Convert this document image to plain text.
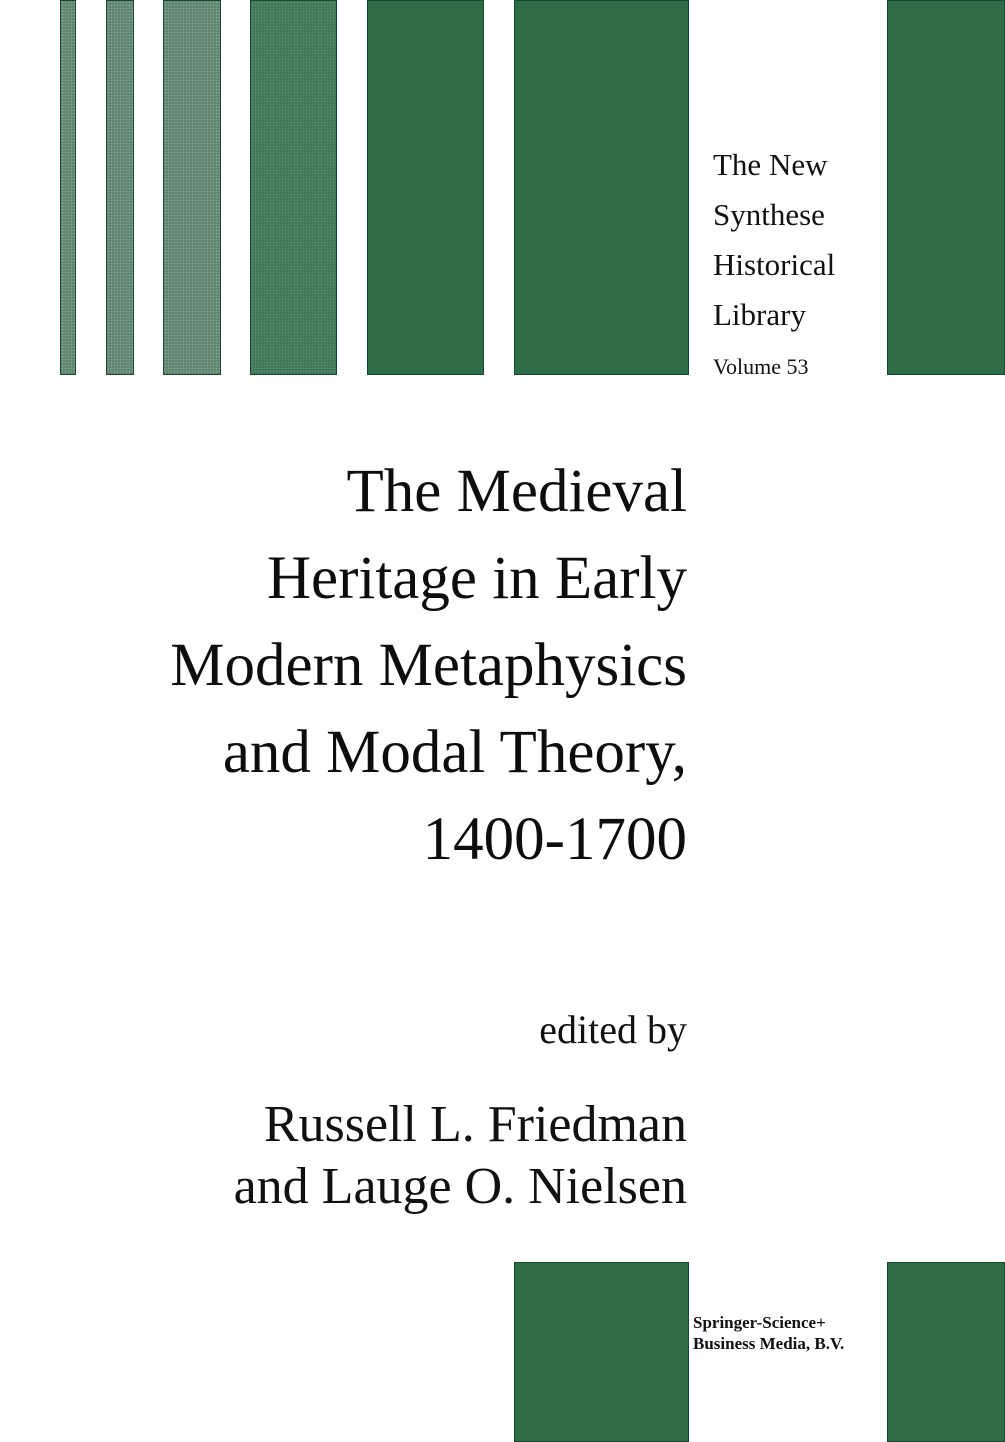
The New
Synthese
Historical
Library
Volume 53
The Medieval
Heritage in Early
Modern Metaphysics
and Modal Theory,
1400-1700
edited by
Russell L. Friedman
and Lauge O. Nielsen
Springer-Science+
Business Media, B.V.
